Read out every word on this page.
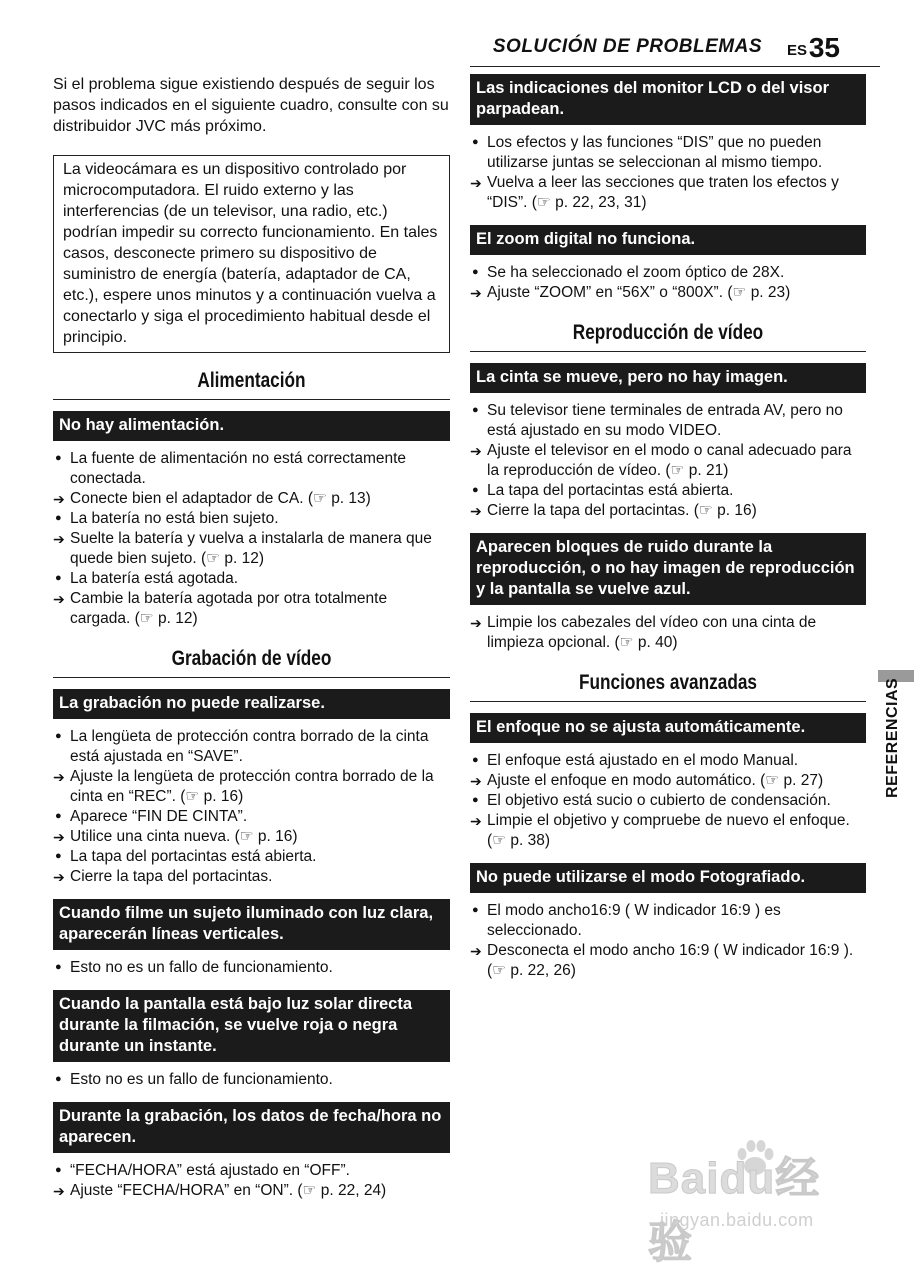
SOLUCIÓN DE PROBLEMAS ES 35

Si el problema sigue existiendo después de seguir los pasos indicados en el siguiente cuadro, consulte con su distribuidor JVC más próximo.

La videocámara es un dispositivo controlado por microcomputadora. El ruido externo y las interferencias (de un televisor, una radio, etc.) podrían impedir su correcto funcionamiento. En tales casos, desconecte primero su dispositivo de suministro de energía (batería, adaptador de CA, etc.), espere unos minutos y a continuación vuelva a conectarlo y siga el procedimiento habitual desde el principio.
Alimentación
No hay alimentación.
●
La fuente de alimentación no está correctamente conectada.
➔
Conecte bien el adaptador de CA. (☞ p. 13)
●
La batería no está bien sujeto.
➔
Suelte la batería y vuelva a instalarla de manera que quede bien sujeto. (☞ p. 12)
●
La batería está agotada.
➔
Cambie la batería agotada por otra totalmente cargada. (☞ p. 12)
Grabación de vídeo
La grabación no puede realizarse.
●
La lengüeta de protección contra borrado de la cinta está ajustada en “SAVE”.
➔
Ajuste la lengüeta de protección contra borrado de la cinta en “REC”. (☞ p. 16)
●
Aparece “FIN DE CINTA”.
➔
Utilice una cinta nueva. (☞ p. 16)
●
La tapa del portacintas está abierta.
➔
Cierre la tapa del portacintas.
Cuando filme un sujeto iluminado con luz clara, aparecerán líneas verticales.
●
Esto no es un fallo de funcionamiento.
Cuando la pantalla está bajo luz solar directa durante la filmación, se vuelve roja o negra durante un instante.
●
Esto no es un fallo de funcionamiento.
Durante la grabación, los datos de fecha/hora no aparecen.
●
“FECHA/HORA” está ajustado en “OFF”.
➔
Ajuste “FECHA/HORA” en “ON”. (☞ p. 22, 24)
Las indicaciones del monitor LCD o del visor parpadean.
●
Los efectos y las funciones “DIS” que no pueden utilizarse juntas se seleccionan al mismo tiempo.
➔
Vuelva a leer las secciones que traten los efectos y “DIS”. (☞ p. 22, 23, 31)
El zoom digital no funciona.
●
Se ha seleccionado el zoom óptico de 28X.
➔
Ajuste “ZOOM” en “56X” o “800X”. (☞ p. 23)
Reproducción de vídeo
La cinta se mueve, pero no hay imagen.
●
Su televisor tiene terminales de entrada AV, pero no está ajustado en su modo VIDEO.
➔
Ajuste el televisor en el modo o canal adecuado para la reproducción de vídeo. (☞ p. 21)
●
La tapa del portacintas está abierta.
➔
Cierre la tapa del portacintas. (☞ p. 16)
Aparecen bloques de ruido durante la reproducción, o no hay imagen de reproducción y la pantalla se vuelve azul.
➔
Limpie los cabezales del vídeo con una cinta de limpieza opcional. (☞ p. 40)
Funciones avanzadas
El enfoque no se ajusta automáticamente.
●
El enfoque está ajustado en el modo Manual.
➔
Ajuste el enfoque en modo automático. (☞ p. 27)
●
El objetivo está sucio o cubierto de condensación.
➔
Limpie el objetivo y compruebe de nuevo el enfoque. (☞ p. 38)
No puede utilizarse el modo Fotografiado.
●
El modo ancho16:9 ( W indicador 16:9 ) es seleccionado.
➔
Desconecta el modo ancho 16:9 ( W indicador 16:9 ). (☞ p. 22, 26)
REFERENCIAS
Baidu经验
jingyan.baidu.com
